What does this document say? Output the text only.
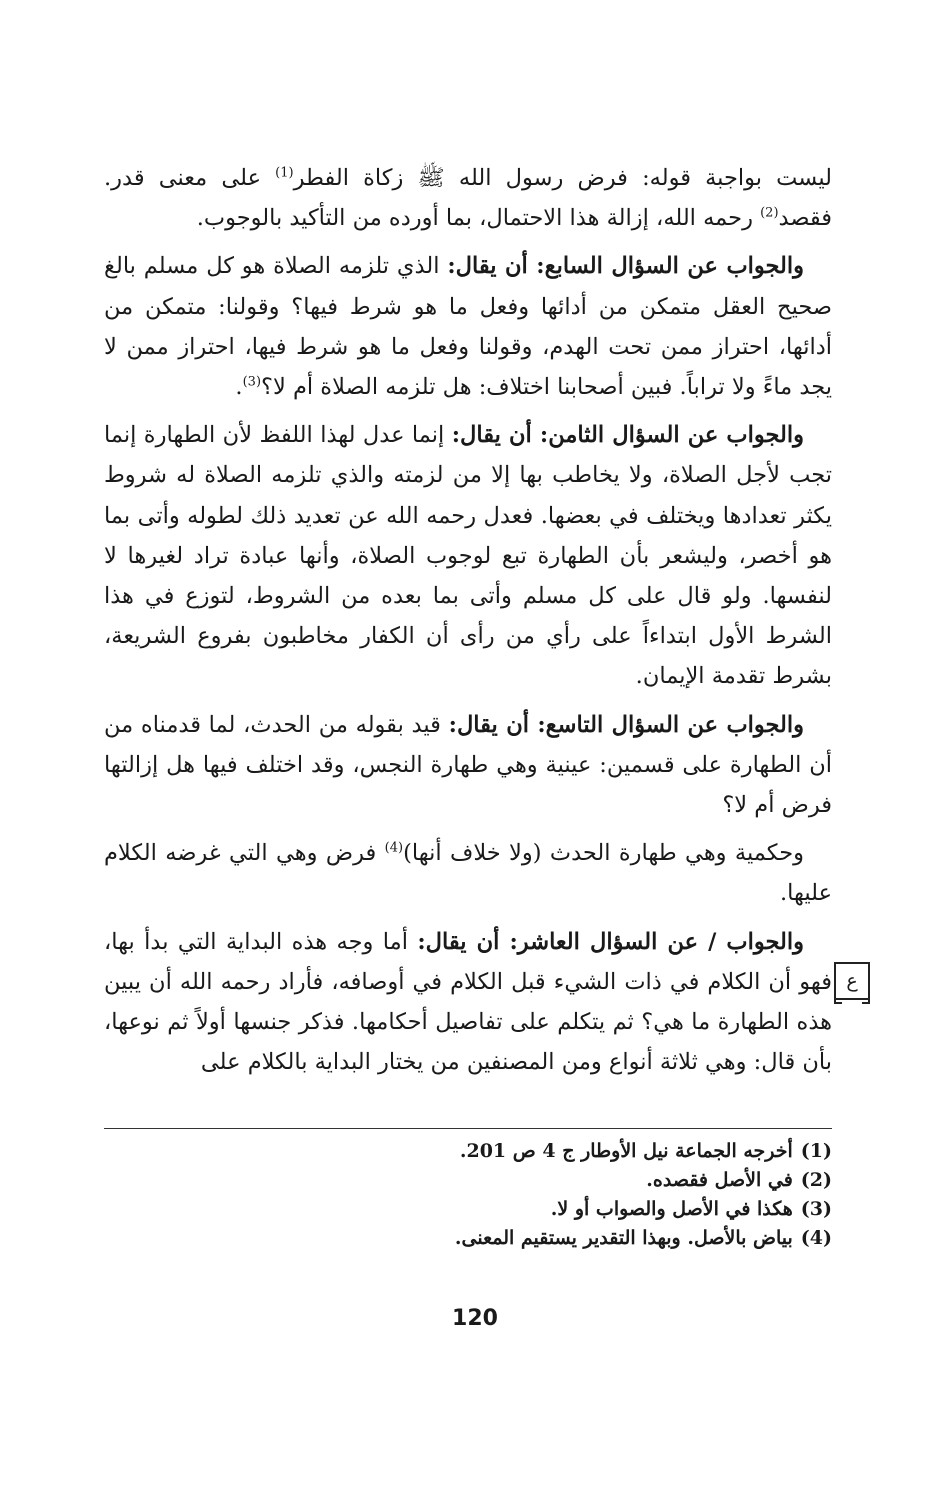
ليست بواجبة قوله: فرض رسول الله ﷺ زكاة الفطر$^{(1)}$ على معنى قدر. فقصد$^{(2)}$ رحمه الله، إزالة هذا الاحتمال، بما أورده من التأكيد بالوجوب.

والجواب عن السؤال السابع: أن يقال: الذي تلزمه الصلاة هو كل مسلم بالغ صحيح العقل متمكن من أدائها وفعل ما هو شرط فيها؟ وقولنا: متمكن من أدائها، احتراز ممن تحت الهدم، وقولنا وفعل ما هو شرط فيها، احتراز ممن لا يجد ماءً ولا تراباً. فبين أصحابنا اختلاف: هل تلزمه الصلاة أم لا؟$^{(3)}$.

والجواب عن السؤال الثامن: أن يقال: إنما عدل لهذا اللفظ لأن الطهارة إنما تجب لأجل الصلاة، ولا يخاطب بها إلا من لزمته والذي تلزمه الصلاة له شروط يكثر تعدادها ويختلف في بعضها. فعدل رحمه الله عن تعديد ذلك لطوله وأتى بما هو أخصر، وليشعر بأن الطهارة تبع لوجوب الصلاة، وأنها عبادة تراد لغيرها لا لنفسها. ولو قال على كل مسلم وأتى بما بعده من الشروط، لتوزع في هذا الشرط الأول ابتداءاً على رأي من رأى أن الكفار مخاطبون بفروع الشريعة، بشرط تقدمة الإيمان.

والجواب عن السؤال التاسع: أن يقال: قيد بقوله من الحدث، لما قدمناه من أن الطهارة على قسمين: عينية وهي طهارة النجس، وقد اختلف فيها هل إزالتها فرض أم لا؟

وحكمية وهي طهارة الحدث (ولا خلاف أنها)$^{(4)}$ فرض وهي التي غرضه الكلام عليها.

والجواب / عن السؤال العاشر: أن يقال: أما وجه هذه البداية التي بدأ بها، فهو أن الكلام في ذات الشيء قبل الكلام في أوصافه، فأراد رحمه الله أن يبين هذه الطهارة ما هي؟ ثم يتكلم على تفاصيل أحكامها. فذكر جنسها أولاً ثم نوعها، بأن قال: وهي ثلاثة أنواع ومن المصنفين من يختار البداية بالكلام على

ع
(1)
أخرجه الجماعة نيل الأوطار ج 4 ص 201.
(2)
في الأصل فقصده.
(3)
هكذا في الأصل والصواب أو لا.
(4)
بياض بالأصل. وبهذا التقدير يستقيم المعنى.
120
